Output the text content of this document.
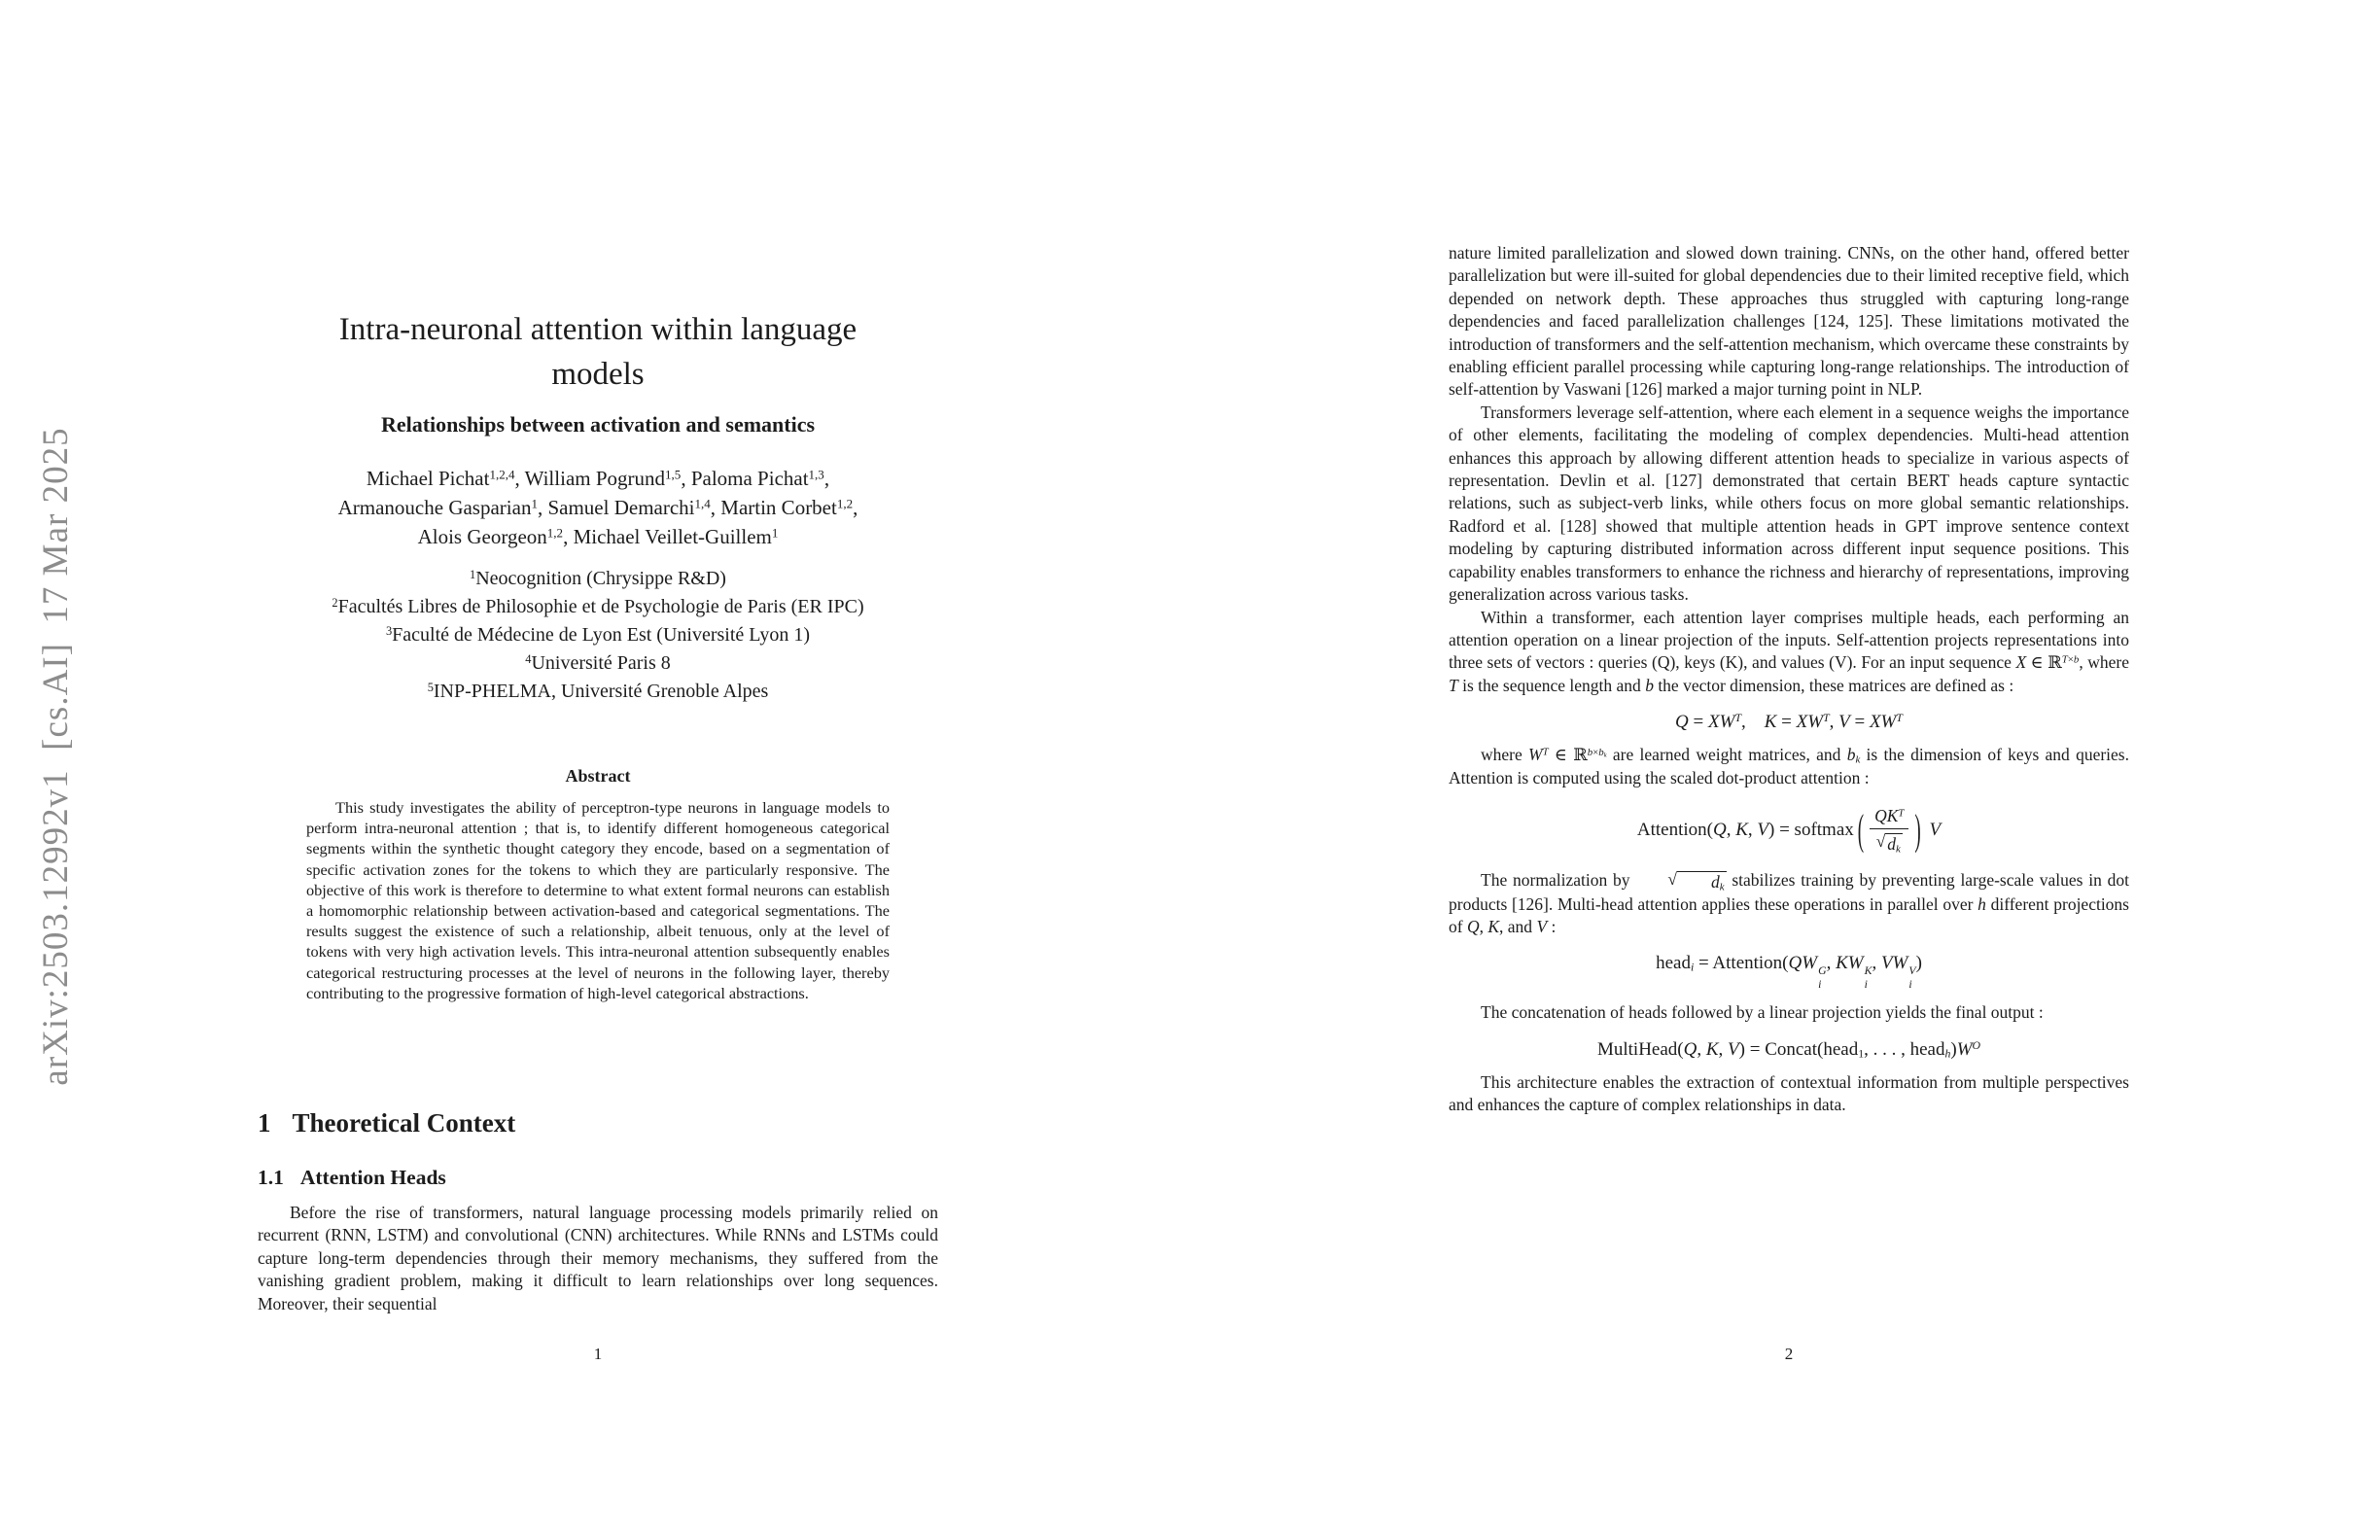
arXiv:2503.12992v1 [cs.AI] 17 Mar 2025
Intra-neuronal attention within language
models
Relationships between activation and semantics
Michael Pichat$^{1,2,4}$, William Pogrund$^{1,5}$, Paloma Pichat$^{1,3}$,
Armanouche Gasparian$^1$, Samuel Demarchi$^{1,4}$, Martin Corbet$^{1,2}$,
Alois Georgeon$^{1,2}$, Michael Veillet-Guillem$^1$
$^1$Neocognition (Chrysippe R&D)
$^2$Facultés Libres de Philosophie et de Psychologie de Paris (ER IPC)
$^3$Faculté de Médecine de Lyon Est (Université Lyon 1)
$^4$Université Paris 8
$^5$INP-PHELMA, Université Grenoble Alpes
Abstract
This study investigates the ability of perceptron-type neurons in language models to perform intra-neuronal attention ; that is, to identify different homogeneous categorical segments within the synthetic thought category they encode, based on a segmentation of specific activation zones for the tokens to which they are particularly responsive. The objective of this work is therefore to determine to what extent formal neurons can establish a homomorphic relationship between activation-based and categorical segmentations. The results suggest the existence of such a relationship, albeit tenuous, only at the level of tokens with very high activation levels. This intra-neuronal attention subsequently enables categorical restructuring processes at the level of neurons in the following layer, thereby contributing to the progressive formation of high-level categorical abstractions.
1 Theoretical Context
1.1 Attention Heads
Before the rise of transformers, natural language processing models primarily relied on recurrent (RNN, LSTM) and convolutional (CNN) architectures. While RNNs and LSTMs could capture long-term dependencies through their memory mechanisms, they suffered from the vanishing gradient problem, making it difficult to learn relationships over long sequences. Moreover, their sequential
1

nature limited parallelization and slowed down training. CNNs, on the other hand, offered better parallelization but were ill-suited for global dependencies due to their limited receptive field, which depended on network depth. These approaches thus struggled with capturing long-range dependencies and faced parallelization challenges [124, 125]. These limitations motivated the introduction of transformers and the self-attention mechanism, which overcame these constraints by enabling efficient parallel processing while capturing long-range relationships. The introduction of self-attention by Vaswani [126] marked a major turning point in NLP.

Transformers leverage self-attention, where each element in a sequence weighs the importance of other elements, facilitating the modeling of complex dependencies. Multi-head attention enhances this approach by allowing different attention heads to specialize in various aspects of representation. Devlin et al. [127] demonstrated that certain BERT heads capture syntactic relations, such as subject-verb links, while others focus on more global semantic relationships. Radford et al. [128] showed that multiple attention heads in GPT improve sentence context modeling by capturing distributed information across different input sequence positions. This capability enables transformers to enhance the richness and hierarchy of representations, improving generalization across various tasks.

Within a transformer, each attention layer comprises multiple heads, each performing an attention operation on a linear projection of the inputs. Self-attention projects representations into three sets of vectors : queries (Q), keys (K), and values (V). For an input sequence X ∈ ℝ$^{T\times b}$, where T is the sequence length and b the vector dimension, these matrices are defined as :

$Q = XW^T$, $K = XW^T$, $V = XW^T$

where $W^T$ ∈ ℝ$^{b\times b_k}$ are learned weight matrices, and $b_k$ is the dimension of keys and queries. Attention is computed using the scaled dot-product attention :

Attention(Q, K, V) = softmax ( $\frac{QK^T}{√ d_k}$ ) V

The normalization by	√	$d_k$ stabilizes training by preventing large-scale values in dot products [126]. Multi-head attention applies these operations in parallel over h different projections of Q, K, and V :

head$_i$ = Attention(QW G
i
, KW K
i
, VW V
i
)

The concatenation of heads followed by a linear projection yields the final output :

MultiHead(Q, K, V) = Concat(head$_1$, . . . , $head_h)W^O$

This architecture enables the extraction of contextual information from multiple perspectives and enhances the capture of complex relationships in data.

2
